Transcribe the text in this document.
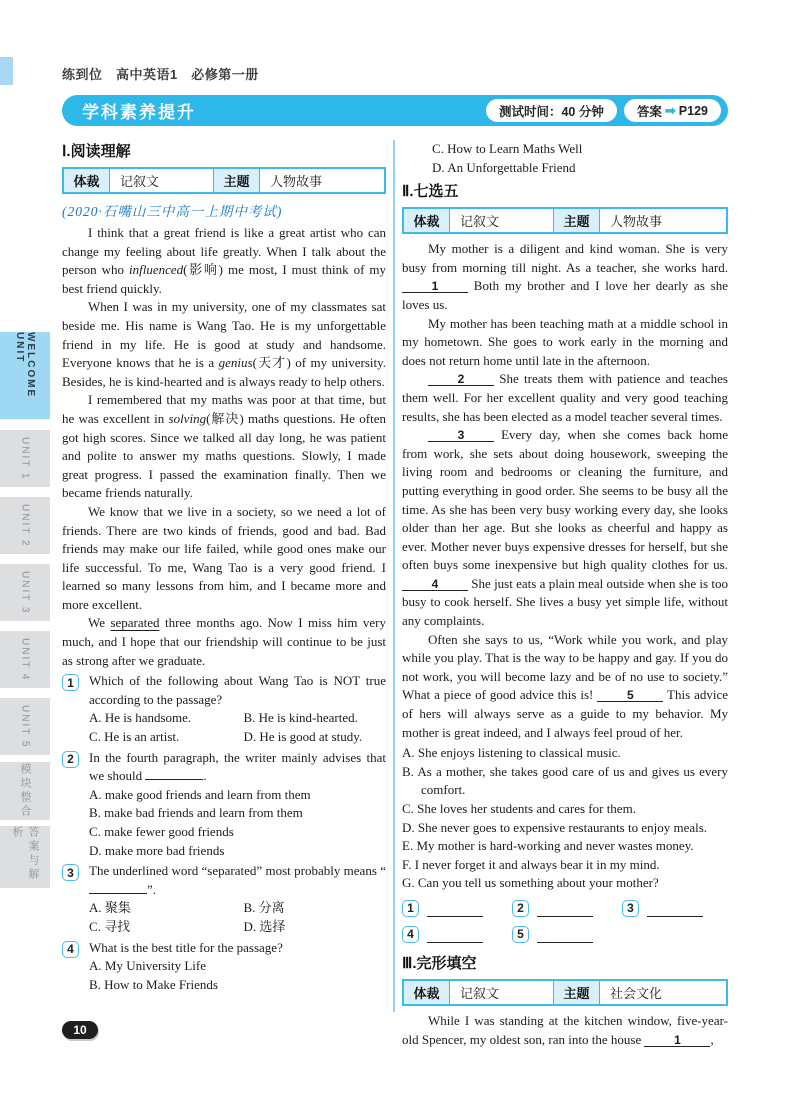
练到位　高中英语1　必修第一册
学科素养提升	测试时间：40 分钟	答案 ➡ P129
WELCOME UNIT
UNIT 1
UNIT 2
UNIT 3
UNIT 4
UNIT 5
模块整合
答案与解析
Ⅰ.阅读理解
体裁	记叙文	主题	人物故事
(2020·石嘴山三中高一上期中考试)

I think that a great friend is like a great artist who can change my feeling about life greatly. When I talk about the person who influenced(影响) me most, I must think of my best friend quickly.

When I was in my university, one of my classmates sat beside me. His name is Wang Tao. He is my unforgettable friend in my life. He is good at study and handsome. Everyone knows that he is a genius(天才) of my university. Besides, he is kind-hearted and is always ready to help others.

I remembered that my maths was poor at that time, but he was excellent in solving(解决) maths questions. He often got high scores. Since we talked all day long, he was patient and polite to answer my maths questions. Slowly, I made great progress. I passed the examination finally. Then we became friends naturally.

We know that we live in a society, so we need a lot of friends. There are two kinds of friends, good and bad. Bad friends may make our life failed, while good ones make our life successful. To me, Wang Tao is a very good friend. I learned so many lessons from him, and I became more and more excellent.

We separated three months ago. Now I miss him very much, and I hope that our friendship will continue to be just as strong after we graduate.

1	Which of the following about Wang Tao is NOT true according to the passage?
A. He is handsome.	B. He is kind-hearted.
C. He is an artist.	D. He is good at study.
2	In the fourth paragraph, the writer mainly advises that we should	.
A. make good friends and learn from them
B. make bad friends and learn from them
C. make fewer good friends
D. make more bad friends
3	The underlined word “separated” most probably means “”.
A. 聚集	B. 分离
C. 寻找	D. 选择
4	What is the best title for the passage?
A. My University Life
B. How to Make Friends
C. How to Learn Maths Well
D. An Unforgettable Friend
Ⅱ.七选五
体裁	记叙文	主题	人物故事

My mother is a diligent and kind woman. She is very busy from morning till night. As a teacher, she works hard. 1 Both my brother and I love her dearly as she loves us.

My mother has been teaching math at a middle school in my hometown. She goes to work early in the morning and does not return home until late in the afternoon.

2 She treats them with patience and teaches them well. For her excellent quality and very good teaching results, she has been elected as a model teacher several times.

3 Every day, when she comes back home from work, she sets about doing housework, sweeping the living room and bedrooms or cleaning the furniture, and putting everything in good order. She seems to be busy all the time. As she has been very busy working every day, she looks older than her age. But she looks as cheerful and happy as ever. Mother never buys expensive dresses for herself, but she often buys some inexpensive but high quality clothes for us. 4 She just eats a plain meal outside when she is too busy to cook herself. She lives a busy yet simple life, without any complaints.

Often she says to us, “Work while you work, and play while you play. That is the way to be happy and gay. If you do not work, you will become lazy and be of no use to society.” What a piece of good advice this is! 5 This advice of hers will always serve as a guide to my behavior. My mother is great indeed, and I always feel proud of her.

A. She enjoys listening to classical music.
B. As a mother, she takes good care of us and gives us every comfort.
C. She loves her students and cares for them.
D. She never goes to expensive restaurants to enjoy meals.
E. My mother is hard-working and never wastes money.
F. I never forget it and always bear it in my mind.
G. Can you tell us something about your mother?
1	2	3
4	5
Ⅲ.完形填空
体裁	记叙文	主题	社会文化

While I was standing at the kitchen window, five-year-old Spencer, my oldest son, ran into the house 1 ,

10
